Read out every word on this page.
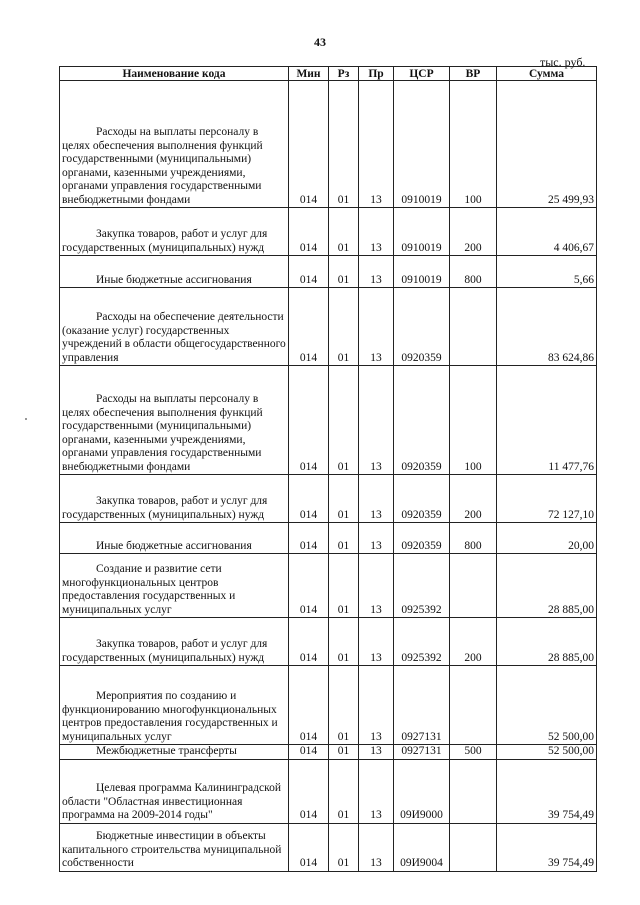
43
тыс. руб.
Наименование кода	Мин	Рз	Пр	ЦСР	ВР	Сумма

Расходы на выплаты персоналу в целях обеспечения выполнения функций государственными (муниципальными) органами, казенными учреждениями, органами управления государственными внебюджетными фондами	014	01	13	0910019	100	25 499,93

Закупка товаров, работ и услуг для государственных (муниципальных) нужд	014	01	13	0910019	200	4 406,67

Иные бюджетные ассигнования	014	01	13	0910019	800	5,66

Расходы на обеспечение деятельности (оказание услуг) государственных учреждений в области общегосударственного управления	014	01	13	0920359		83 624,86

Расходы на выплаты персоналу в целях обеспечения выполнения функций государственными (муниципальными) органами, казенными учреждениями, органами управления государственными внебюджетными фондами	014	01	13	0920359	100	11 477,76

Закупка товаров, работ и услуг для государственных (муниципальных) нужд	014	01	13	0920359	200	72 127,10

Иные бюджетные ассигнования	014	01	13	0920359	800	20,00

Создание и развитие сети многофункциональных центров предоставления государственных и муниципальных услуг	014	01	13	0925392		28 885,00

Закупка товаров, работ и услуг для государственных (муниципальных) нужд	014	01	13	0925392	200	28 885,00

Мероприятия по созданию и функционированию многофункциональных центров предоставления государственных и муниципальных услуг	014	01	13	0927131		52 500,00

Межбюджетные трансферты	014	01	13	0927131	500	52 500,00

Целевая программа Калининградской области "Областная инвестиционная программа на 2009-2014 годы"	014	01	13	09И9000		39 754,49

Бюджетные инвестиции в объекты капитального строительства муниципальной собственности	014	01	13	09И9004		39 754,49
